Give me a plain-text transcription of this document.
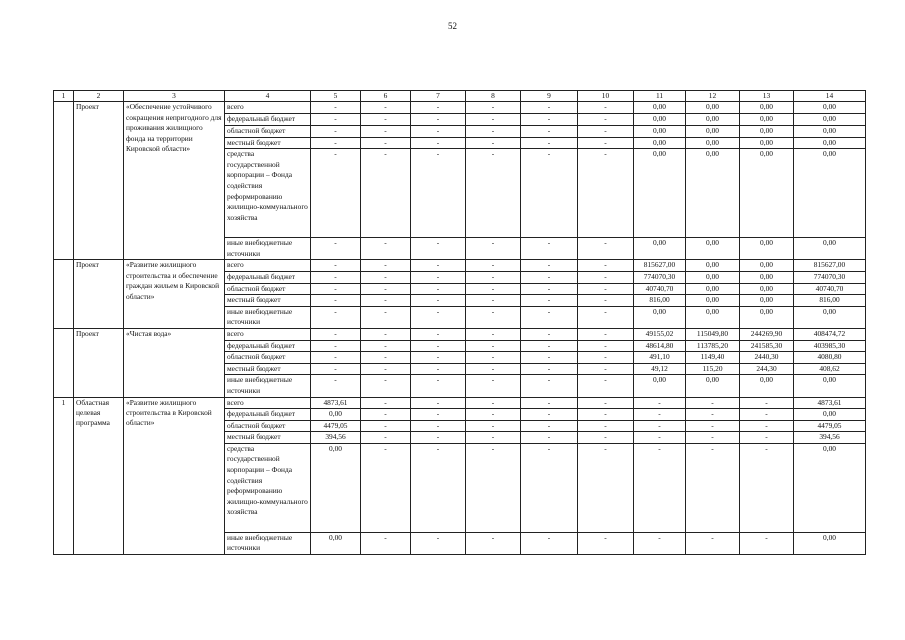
52
1	2	3	4	5	6	7	8	9	10	11	12	13	14
	Проект	«Обеспечение устойчивого сокращения непригодного для проживания жилищного фонда на территории Кировской области»	всего	-	-	-	-	-	-	0,00	0,00	0,00	0,00
			федеральный бюджет	-	-	-	-	-	-	0,00	0,00	0,00	0,00
			областной бюджет	-	-	-	-	-	-	0,00	0,00	0,00	0,00
			местный бюджет	-	-	-	-	-	-	0,00	0,00	0,00	0,00
			средства государственной корпорации – Фонда содействия реформированию жилищно-коммунального хозяйства	-	-	-	-	-	-	0,00	0,00	0,00	0,00
			иные внебюджетные источники	-	-	-	-	-	-	0,00	0,00	0,00	0,00
	Проект	«Развитие жилищного строительства и обеспечение граждан жильем в Кировской области»	всего	-	-	-	-	-	-	815627,00	0,00	0,00	815627,00
			федеральный бюджет	-	-	-	-	-	-	774070,30	0,00	0,00	774070,30
			областной бюджет	-	-	-	-	-	-	40740,70	0,00	0,00	40740,70
			местный бюджет	-	-	-	-	-	-	816,00	0,00	0,00	816,00
			иные внебюджетные источники	-	-	-	-	-	-	0,00	0,00	0,00	0,00
	Проект	«Чистая вода»	всего	-	-	-	-	-	-	49155,02	115049,80	244269,90	408474,72
			федеральный бюджет	-	-	-	-	-	-	48614,80	113785,20	241585,30	403985,30
			областной бюджет	-	-	-	-	-	-	491,10	1149,40	2440,30	4080,80
			местный бюджет	-	-	-	-	-	-	49,12	115,20	244,30	408,62
			иные внебюджетные источники	-	-	-	-	-	-	0,00	0,00	0,00	0,00
1	Областная целевая программа	«Развитие жилищного строительства в Кировской области»	всего	4873,61	-	-	-	-	-	-	-	-	4873,61
			федеральный бюджет	0,00	-	-	-	-	-	-	-	-	0,00
			областной бюджет	4479,05	-	-	-	-	-	-	-	-	4479,05
			местный бюджет	394,56	-	-	-	-	-	-	-	-	394,56
			средства государственной корпорации – Фонда содействия реформированию жилищно-коммунального хозяйства	0,00	-	-	-	-	-	-	-	-	0,00
			иные внебюджетные источники	0,00	-	-	-	-	-	-	-	-	0,00
